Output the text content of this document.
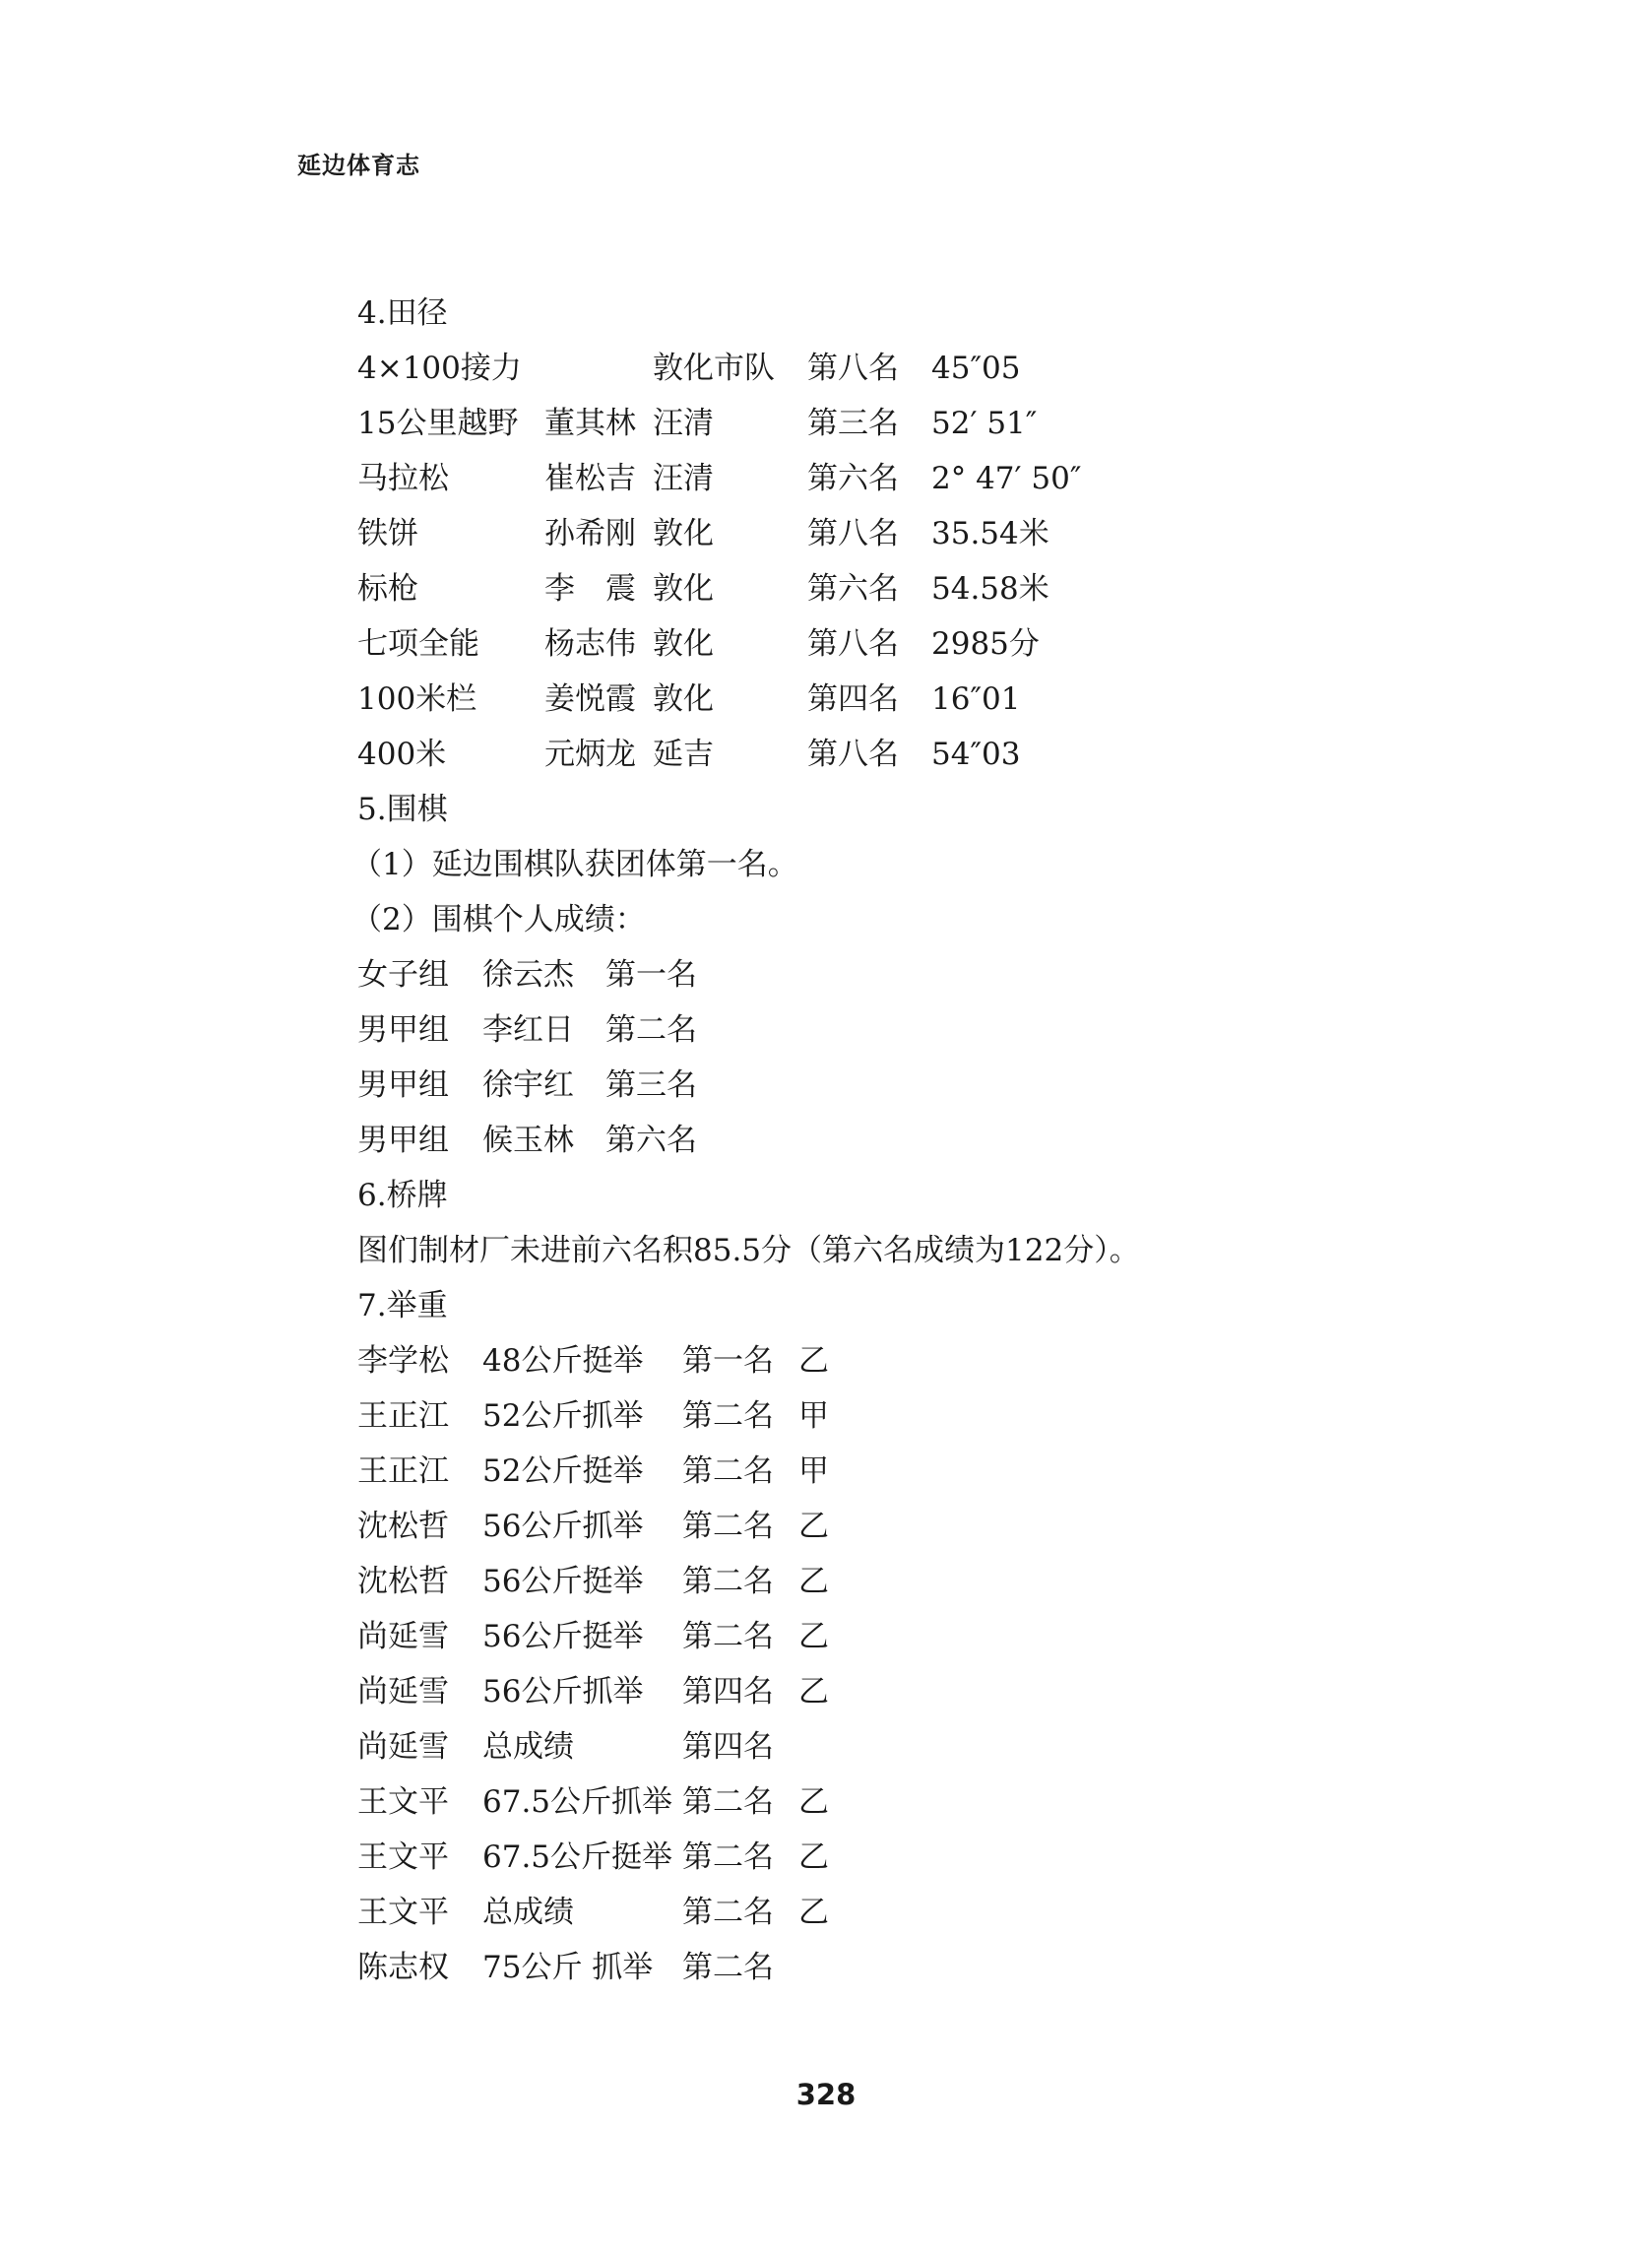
延边体育志
4.田径
4×100接力	敦化市队 第八名 45″05
15公里越野 董其林 汪清	第三名 52′ 51″
马拉松	崔松吉 汪清	第六名 2° 47′ 50″
铁饼	孙希刚 敦化	第八名 35.54米
标枪	李　震 敦化	第六名 54.58米
七项全能 杨志伟 敦化	第八名 2985分
100米栏 姜悦霞 敦化	第四名 16″01
400米	元炳龙 延吉	第八名 54″03
5.围棋
（1）延边围棋队获团体第一名。
（2）围棋个人成绩：
女子组 徐云杰 第一名
男甲组 李红日 第二名
男甲组 徐宇红 第三名
男甲组 候玉林 第六名
6.桥牌
图们制材厂未进前六名积85.5分（第六名成绩为122分）。
7.举重
李学松 48公斤挺举 第一名 乙
王正江 52公斤抓举 第二名 甲
王正江 52公斤挺举 第二名 甲
沈松哲 56公斤抓举 第二名 乙
沈松哲 56公斤挺举 第二名 乙
尚延雪 56公斤挺举 第二名 乙
尚延雪 56公斤抓举 第四名 乙
尚延雪 总成绩	第四名
王文平 67.5公斤抓举 第二名 乙
王文平 67.5公斤挺举 第二名 乙
王文平 总成绩	第二名 乙
陈志权 75公斤 抓举 第二名
328
